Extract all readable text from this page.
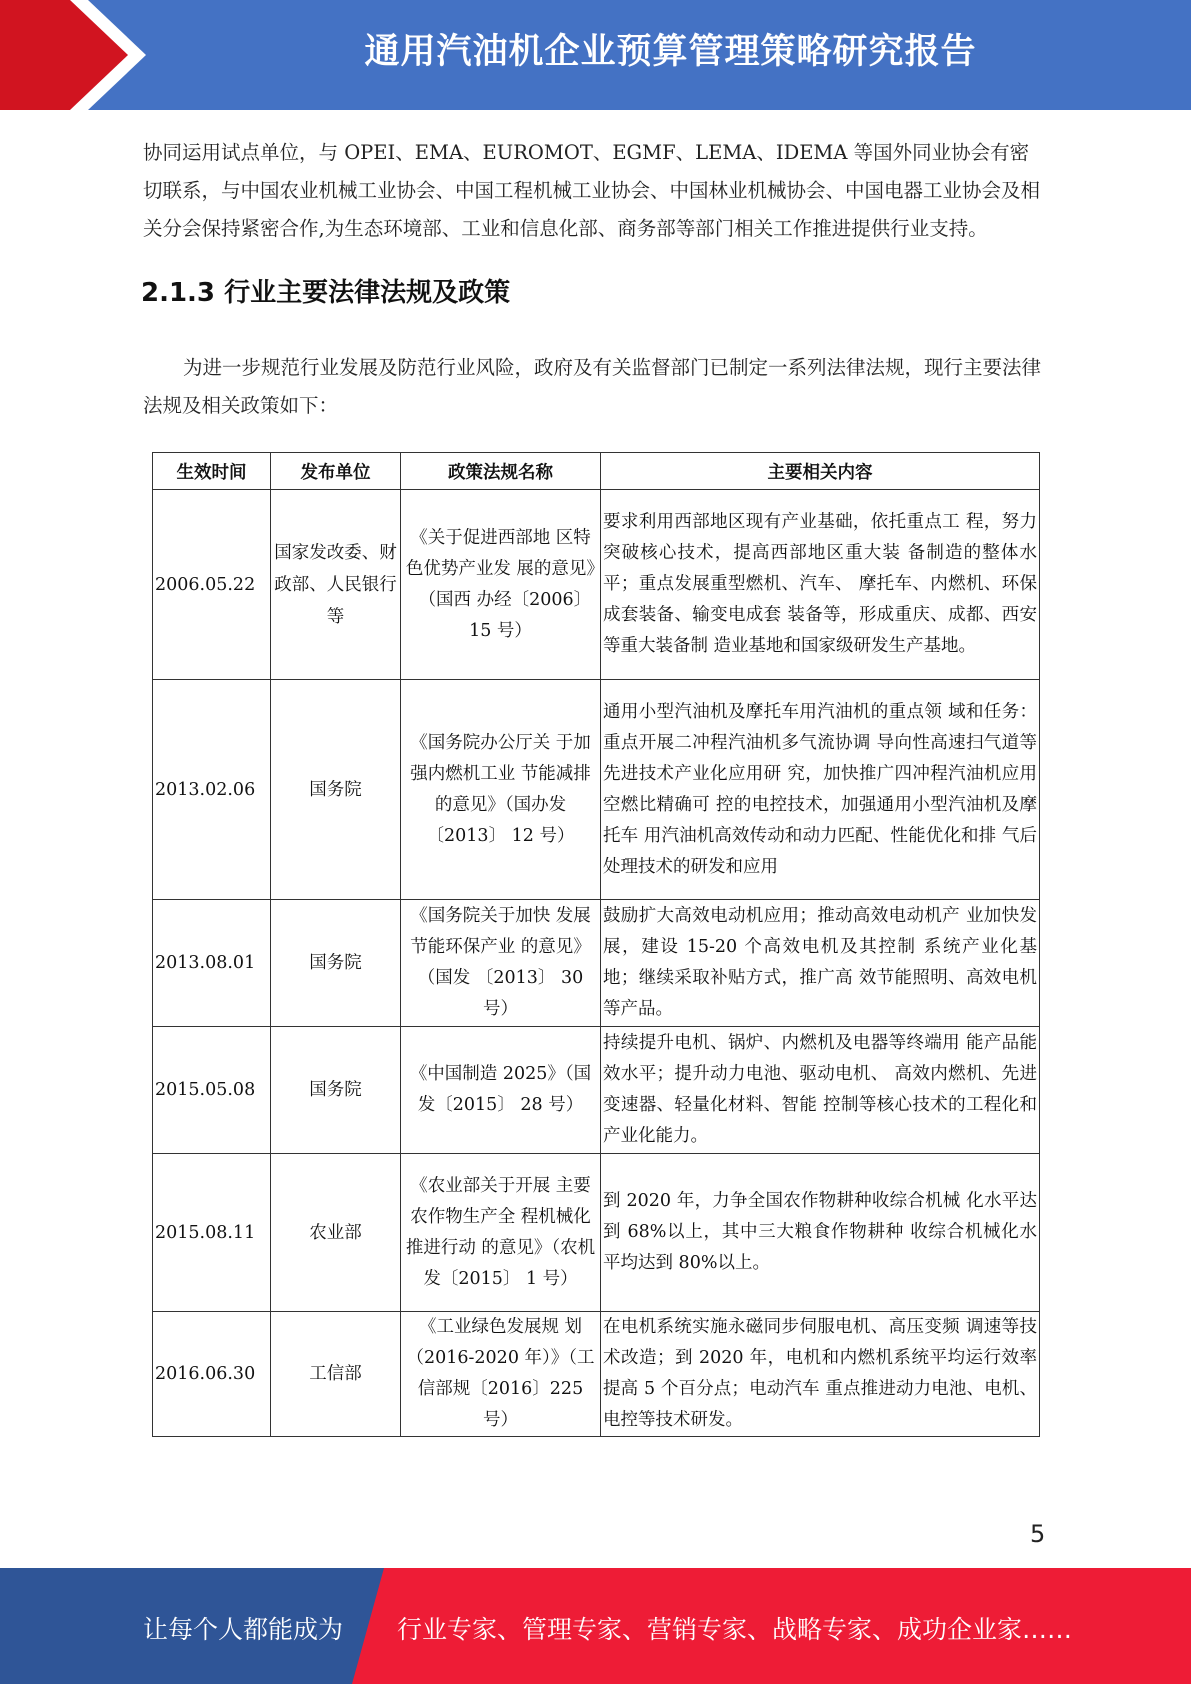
通用汽油机企业预算管理策略研究报告

协同运用试点单位，与 OPEI、EMA、EUROMOT、EGMF、LEMA、IDEMA 等国外同业协会有密切联系，与中国农业机械工业协会、中国工程机械工业协会、中国林业机械协会、中国电器工业协会及相关分会保持紧密合作,为生态环境部、工业和信息化部、商务部等部门相关工作推进提供行业支持。

2.1.3 行业主要法律法规及政策

为进一步规范行业发展及防范行业风险，政府及有关监督部门已制定一系列法律法规，现行主要法律法规及相关政策如下：

生效时间	发布单位	政策法规名称	主要相关内容
2006.05.22	国家发改委、财政部、人民银行等	《关于促进西部地 区特色优势产业发 展的意见》（国西 办经〔2006〕　　15 号）	要求利用西部地区现有产业基础，依托重点工 程，努力突破核心技术，提高西部地区重大装 备制造的整体水平；重点发展重型燃机、汽车、 摩托车、内燃机、环保成套装备、输变电成套 装备等，形成重庆、成都、西安等重大装备制 造业基地和国家级研发生产基地。
2013.02.06	国务院	《国务院办公厅关 于加强内燃机工业 节能减排的意见》（国办发〔2013〕 12 号）	通用小型汽油机及摩托车用汽油机的重点领 域和任务：重点开展二冲程汽油机多气流协调 导向性高速扫气道等先进技术产业化应用研 究，加快推广四冲程汽油机应用空燃比精确可 控的电控技术，加强通用小型汽油机及摩托车 用汽油机高效传动和动力匹配、性能优化和排 气后处理技术的研发和应用
2013.08.01	国务院	《国务院关于加快 发展节能环保产业 的意见》（国发 〔2013〕 30 号）	鼓励扩大高效电动机应用；推动高效电动机产 业加快发展，建设 15-20 个高效电机及其控制 系统产业化基地；继续采取补贴方式，推广高 效节能照明、高效电机等产品。
2015.05.08	国务院	《中国制造 2025》（国发〔2015〕 28 号）	持续提升电机、锅炉、内燃机及电器等终端用 能产品能效水平；提升动力电池、驱动电机、 高效内燃机、先进变速器、轻量化材料、智能 控制等核心技术的工程化和产业化能力。
2015.08.11	农业部	《农业部关于开展 主要农作物生产全 程机械化推进行动 的意见》（农机发〔2015〕 1 号）	到 2020 年，力争全国农作物耕种收综合机械 化水平达到 68%以上，其中三大粮食作物耕种 收综合机械化水平均达到 80%以上。
2016.06.30	工信部	《工业绿色发展规 划（2016-2020 年）》（工信部规〔2016〕225 号）	在电机系统实施永磁同步伺服电机、高压变频 调速等技术改造；到 2020 年，电机和内燃机系统平均运行效率提高 5 个百分点；电动汽车 重点推进动力电池、电机、电控等技术研发。
5
让每个人都能成为 行业专家、管理专家、营销专家、战略专家、成功企业家……
